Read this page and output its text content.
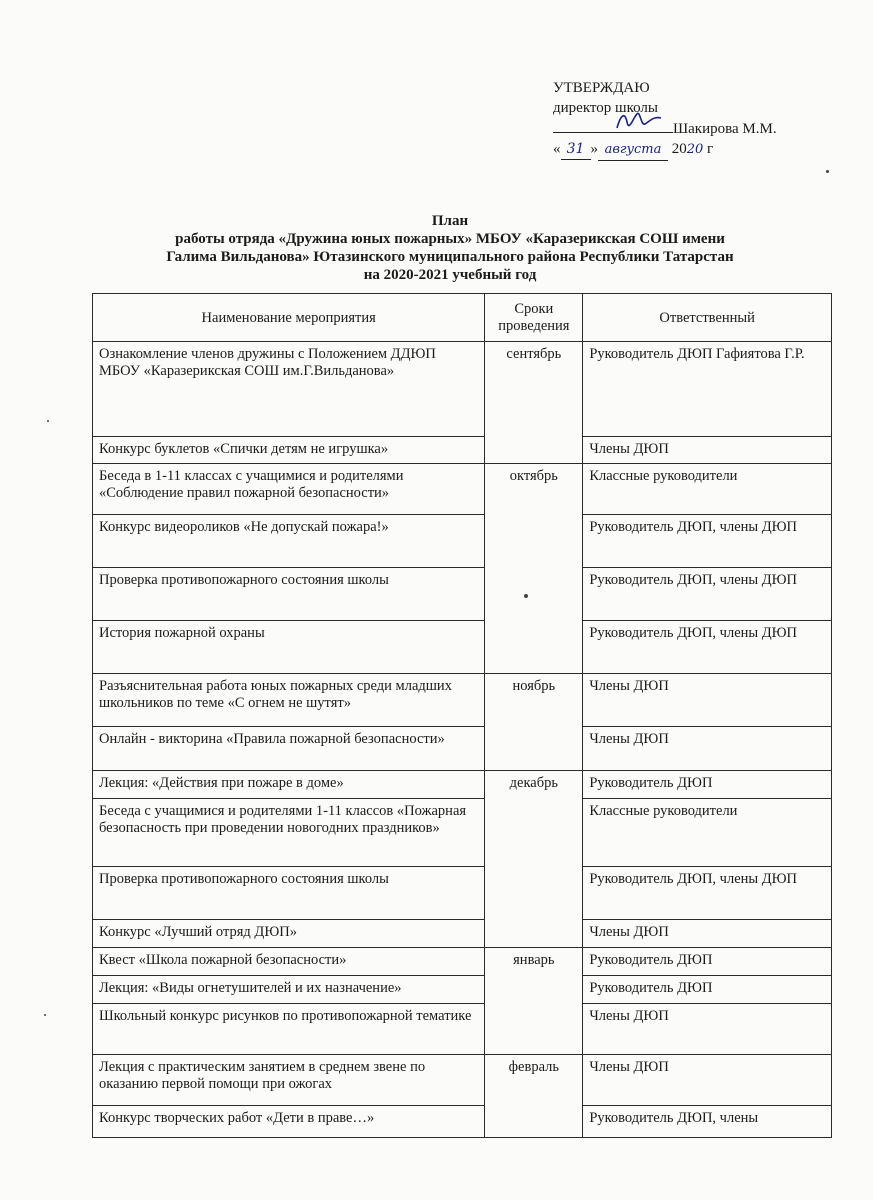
УТВЕРЖДАЮ
директор школы
Шакирова М.М.
« 31 » августа 2020 г
План
работы отряда «Дружина юных пожарных» МБОУ «Каразерикская СОШ имени
Галима Вильданова» Ютазинского муниципального района Республики Татарстан
на 2020-2021 учебный год
Наименование мероприятия	Сроки проведения	Ответственный
Ознакомление членов дружины с Положением ДДЮП МБОУ «Каразерикская СОШ им.Г.Вильданова»	сентябрь	Руководитель ДЮП Гафиятова Г.Р.
Конкурс буклетов «Спички детям не игрушка»		Члены ДЮП
Беседа в 1-11 классах с учащимися и родителями «Соблюдение правил пожарной безопасности»	октябрь	Классные руководители
Конкурс видеороликов «Не допускай пожара!»		Руководитель ДЮП, члены ДЮП
Проверка противопожарного состояния школы		Руководитель ДЮП, члены ДЮП
История пожарной охраны		Руководитель ДЮП, члены ДЮП
Разъяснительная работа юных пожарных среди младших школьников по теме «С огнем не шутят»	ноябрь	Члены ДЮП
Онлайн - викторина «Правила пожарной безопасности»		Члены ДЮП
Лекция: «Действия при пожаре в доме»	декабрь	Руководитель ДЮП
Беседа с учащимися и родителями 1-11 классов «Пожарная безопасность при проведении новогодних праздников»		Классные руководители
Проверка противопожарного состояния школы		Руководитель ДЮП, члены ДЮП
Конкурс «Лучший отряд ДЮП»		Члены ДЮП
Квест «Школа пожарной безопасности»	январь	Руководитель ДЮП
Лекция: «Виды огнетушителей и их назначение»		Руководитель ДЮП
Школьный конкурс рисунков по противопожарной тематике		Члены ДЮП
Лекция с практическим занятием в среднем звене по оказанию первой помощи при ожогах	февраль	Члены ДЮП
Конкурс творческих работ «Дети в праве…»		Руководитель ДЮП, члены
